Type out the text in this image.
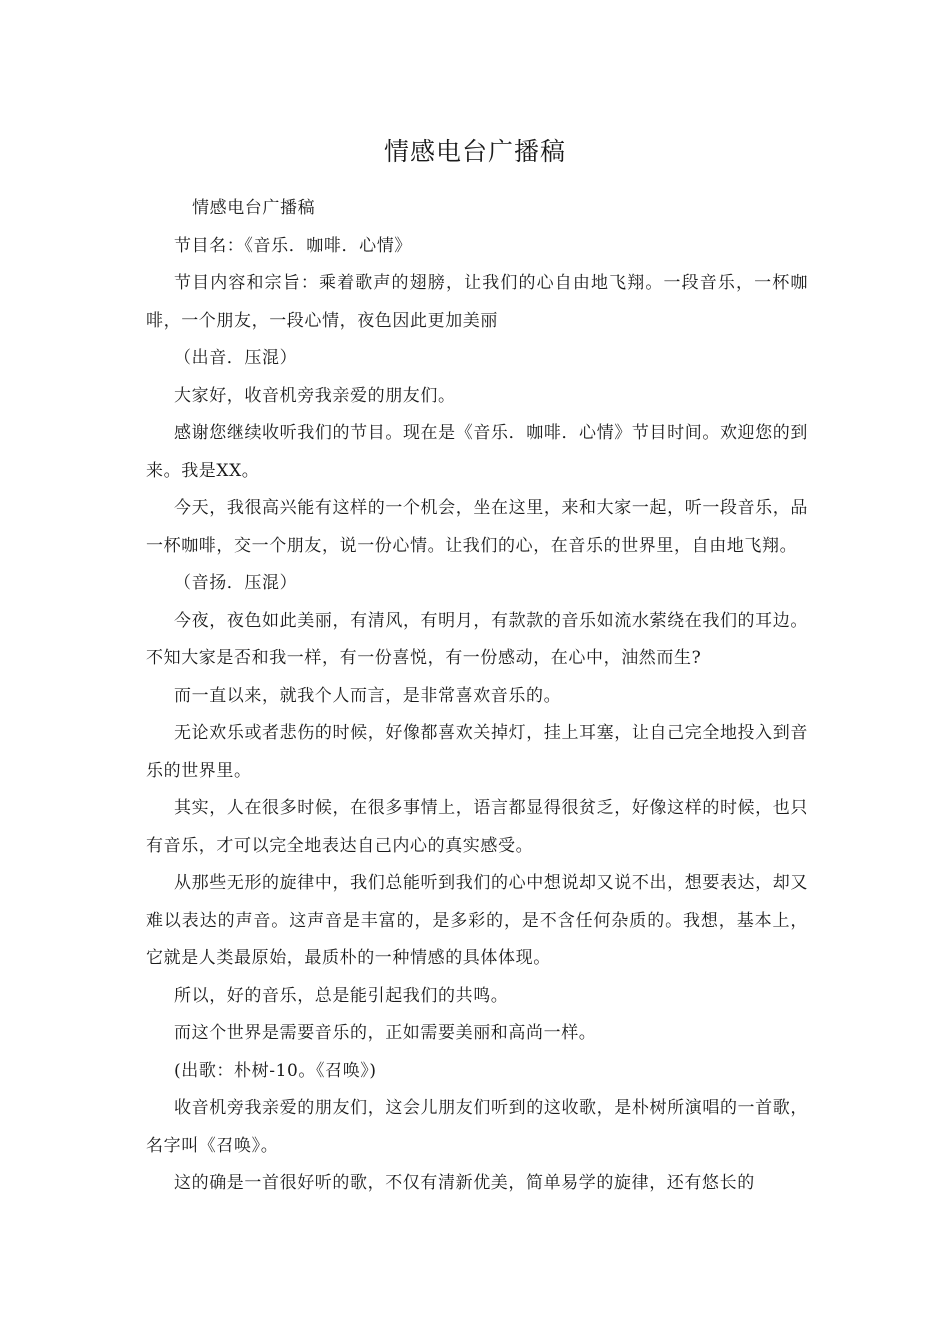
情感电台广播稿

情感电台广播稿

节目名：《音乐．咖啡．心情》

节目内容和宗旨：乘着歌声的翅膀，让我们的心自由地飞翔。一段音乐，一杯咖啡，一个朋友，一段心情，夜色因此更加美丽

（出音．压混）

大家好，收音机旁我亲爱的朋友们。

感谢您继续收听我们的节目。现在是《音乐．咖啡．心情》节目时间。欢迎您的到来。我是XX。

今天，我很高兴能有这样的一个机会，坐在这里，来和大家一起，听一段音乐，品一杯咖啡，交一个朋友，说一份心情。让我们的心，在音乐的世界里，自由地飞翔。

（音扬．压混）

今夜，夜色如此美丽，有清风，有明月，有款款的音乐如流水萦绕在我们的耳边。不知大家是否和我一样，有一份喜悦，有一份感动，在心中，油然而生?

而一直以来，就我个人而言，是非常喜欢音乐的。

无论欢乐或者悲伤的时候，好像都喜欢关掉灯，挂上耳塞，让自己完全地投入到音乐的世界里。

其实，人在很多时候，在很多事情上，语言都显得很贫乏，好像这样的时候，也只有音乐，才可以完全地表达自己内心的真实感受。

从那些无形的旋律中，我们总能听到我们的心中想说却又说不出，想要表达，却又难以表达的声音。这声音是丰富的，是多彩的，是不含任何杂质的。我想，基本上，它就是人类最原始，最质朴的一种情感的具体体现。

所以，好的音乐，总是能引起我们的共鸣。

而这个世界是需要音乐的，正如需要美丽和高尚一样。

(出歌：朴树-10。《召唤》)

收音机旁我亲爱的朋友们，这会儿朋友们听到的这收歌，是朴树所演唱的一首歌，名字叫《召唤》。

这的确是一首很好听的歌，不仅有清新优美，简单易学的旋律，还有悠长的
